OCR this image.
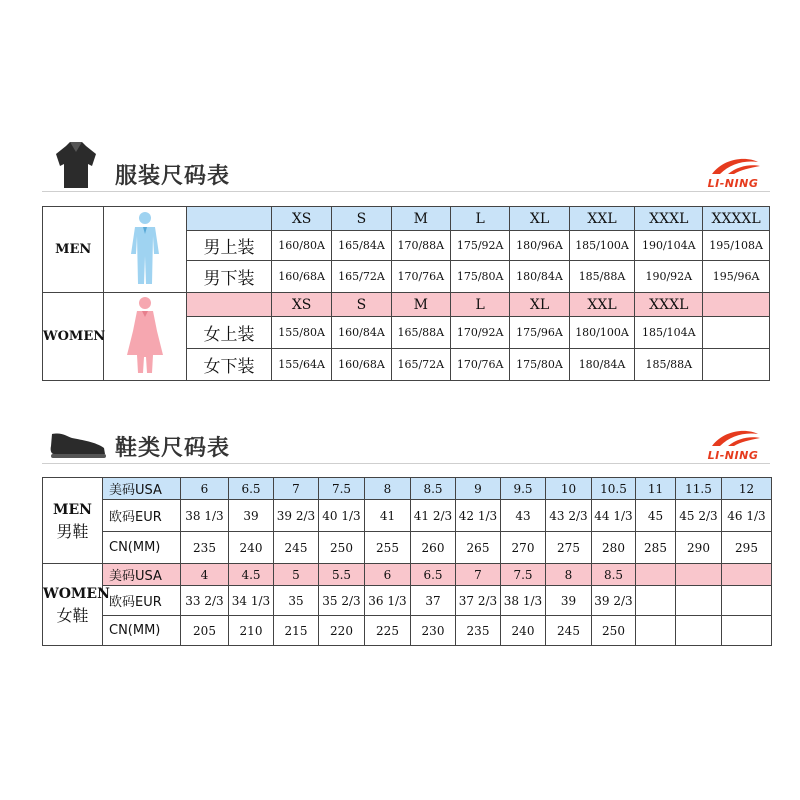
服装尺码表	LI-NING
MEN			XS	S	M	L	XL	XXL	XXXL	XXXXL
		男上装	160/80A	165/84A	170/88A	175/92A	180/96A	185/100A	190/104A	195/108A
		男下装	160/68A	165/72A	170/76A	175/80A	180/84A	185/88A	190/92A	195/96A
WOMEN			XS	S	M	L	XL	XXL	XXXL	
		女上装	155/80A	160/84A	165/88A	170/92A	175/96A	180/100A	185/104A	
		女下装	155/64A	160/68A	165/72A	170/76A	175/80A	180/84A	185/88A	
鞋类尺码表	LI-NING
MEN
男鞋	美码USA	6	6.5	7	7.5	8	8.5	9	9.5	10	10.5	11	11.5	12
	欧码EUR	38 1/3	39	39 2/3	40 1/3	41	41 2/3	42 1/3	43	43 2/3	44 1/3	45	45 2/3	46 1/3
	CN(MM)	235	240	245	250	255	260	265	270	275	280	285	290	295

WOMEN
女鞋	美码USA	4	4.5	5	5.5	6	6.5	7	7.5	8	8.5			
	欧码EUR	33 2/3	34 1/3	35	35 2/3	36 1/3	37	37 2/3	38 1/3	39	39 2/3			
	CN(MM)	205	210	215	220	225	230	235	240	245	250			
